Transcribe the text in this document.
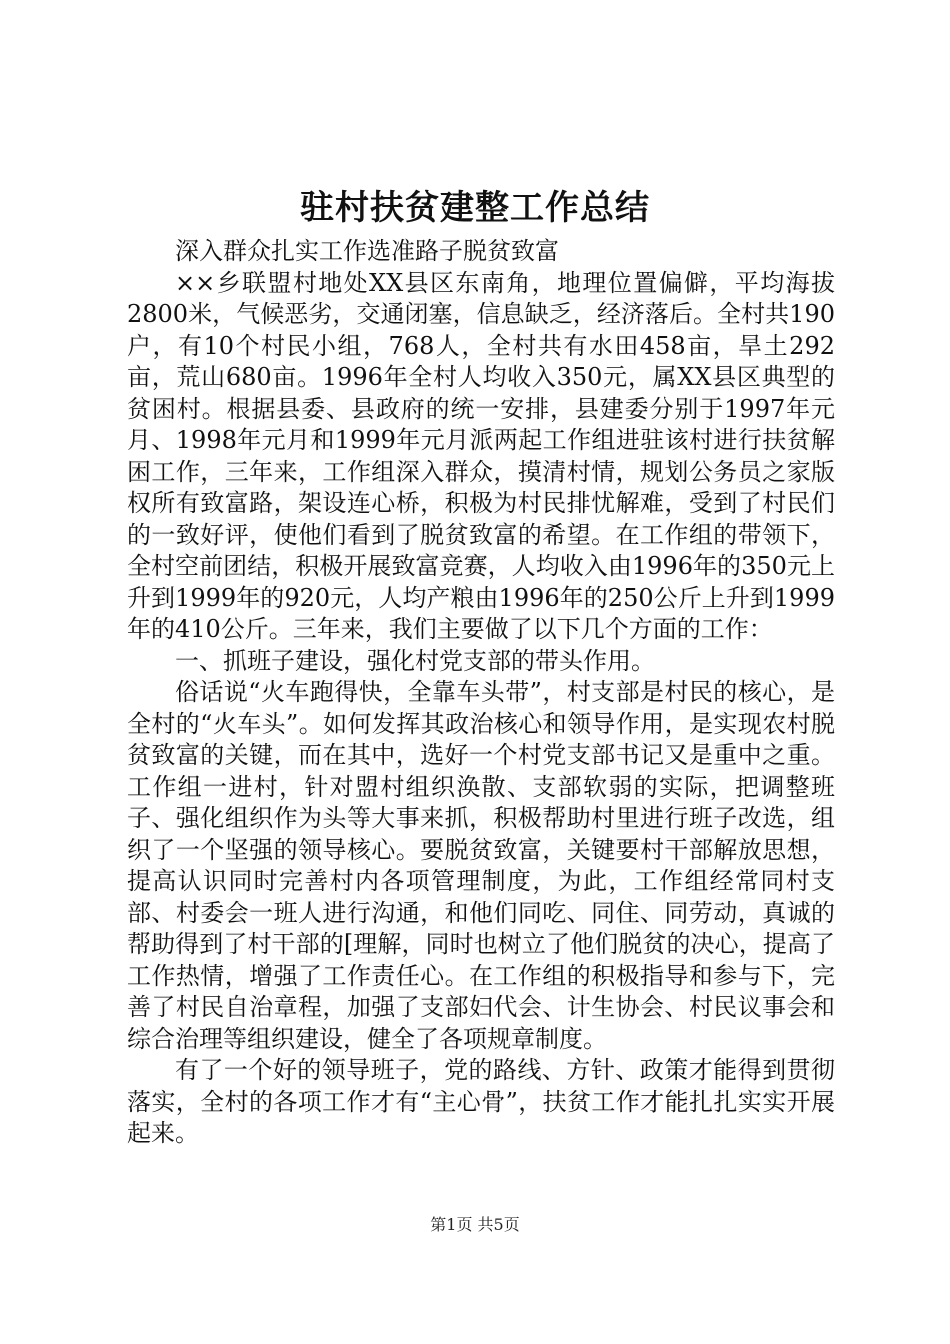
驻村扶贫建整工作总结

深入群众扎实工作选准路子脱贫致富

××乡联盟村地处XX县区东南角，地理位置偏僻，平均海拔2800米，气候恶劣，交通闭塞，信息缺乏，经济落后。全村共190户，有10个村民小组，768人，全村共有水田458亩，旱土292亩，荒山680亩。1996年全村人均收入350元，属XX县区典型的贫困村。根据县委、县政府的统一安排，县建委分别于1997年元月、1998年元月和1999年元月派两起工作组进驻该村进行扶贫解困工作，三年来，工作组深入群众，摸清村情，规划公务员之家版权所有致富路，架设连心桥，积极为村民排忧解难，受到了村民们的一致好评，使他们看到了脱贫致富的希望。在工作组的带领下，全村空前团结，积极开展致富竞赛，人均收入由1996年的350元上升到1999年的920元，人均产粮由1996年的250公斤上升到1999年的410公斤。三年来，我们主要做了以下几个方面的工作：

一、抓班子建设，强化村党支部的带头作用。

俗话说“火车跑得快，全靠车头带”，村支部是村民的核心，是全村的“火车头”。如何发挥其政治核心和领导作用，是实现农村脱贫致富的关键，而在其中，选好一个村党支部书记又是重中之重。工作组一进村，针对盟村组织涣散、支部软弱的实际，把调整班子、强化组织作为头等大事来抓，积极帮助村里进行班子改选，组织了一个坚强的领导核心。要脱贫致富，关键要村干部解放思想，提高认识同时完善村内各项管理制度，为此，工作组经常同村支部、村委会一班人进行沟通，和他们同吃、同住、同劳动，真诚的帮助得到了村干部的[理解，同时也树立了他们脱贫的决心，提高了工作热情，增强了工作责任心。在工作组的积极指导和参与下，完善了村民自治章程，加强了支部妇代会、计生协会、村民议事会和综合治理等组织建设，健全了各项规章制度。

有了一个好的领导班子，党的路线、方针、政策才能得到贯彻落实，全村的各项工作才有“主心骨”，扶贫工作才能扎扎实实开展起来。

第1页 共5页
